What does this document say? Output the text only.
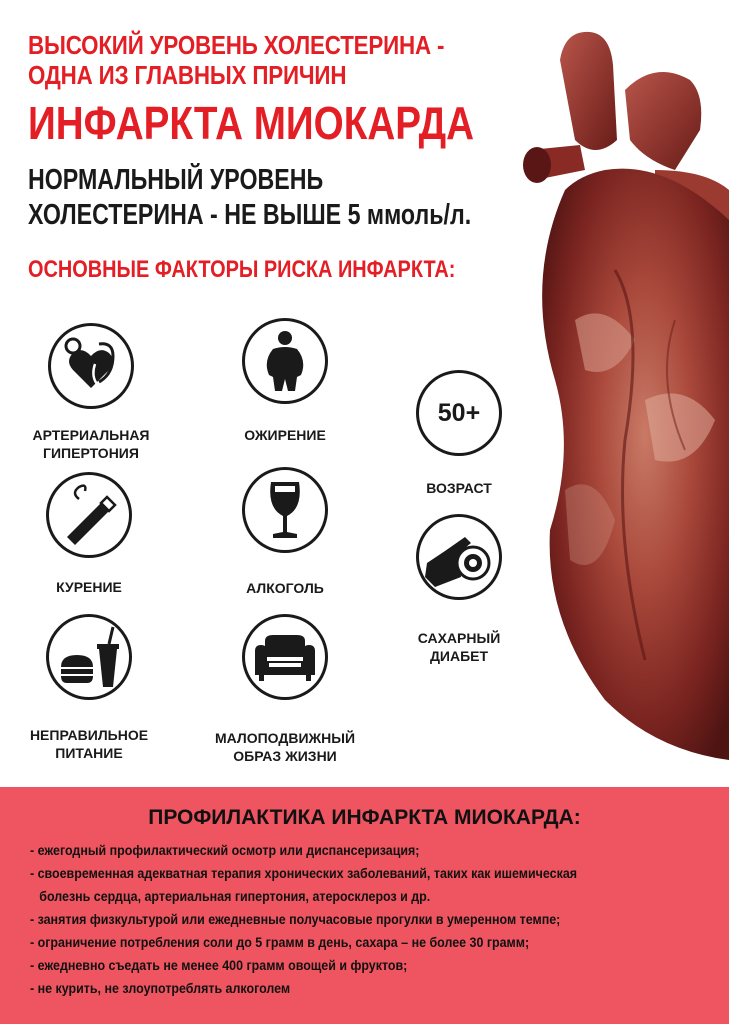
ВЫСОКИЙ УРОВЕНЬ ХОЛЕСТЕРИНА -
ОДНА ИЗ ГЛАВНЫХ ПРИЧИН
ИНФАРКТА МИОКАРДА
НОРМАЛЬНЫЙ УРОВЕНЬ
ХОЛЕСТЕРИНА - НЕ ВЫШЕ 5 ммоль/л.
ОСНОВНЫЕ ФАКТОРЫ РИСКА ИНФАРКТА:
АРТЕРИАЛЬНАЯ
ГИПЕРТОНИЯ
ОЖИРЕНИЕ
50+
ВОЗРАСТ
КУРЕНИЕ	АЛКОГОЛЬ
САХАРНЫЙ
ДИАБЕТ
НЕПРАВИЛЬНОЕ
ПИТАНИЕ
МАЛОПОДВИЖНЫЙ
ОБРАЗ ЖИЗНИ
ПРОФИЛАКТИКА ИНФАРКТА МИОКАРДА:
- ежегодный профилактический осмотр или диспансеризация;
- своевременная адекватная терапия хронических заболеваний, таких как ишемическая
болезнь сердца, артериальная гипертония, атеросклероз и др.
- занятия физкультурой или ежедневные получасовые прогулки в умеренном темпе;
- ограничение потребления соли до 5 грамм в день, сахара – не более 30 грамм;
- ежедневно съедать не менее 400 грамм овощей и фруктов;
- не курить, не злоупотреблять алкоголем
